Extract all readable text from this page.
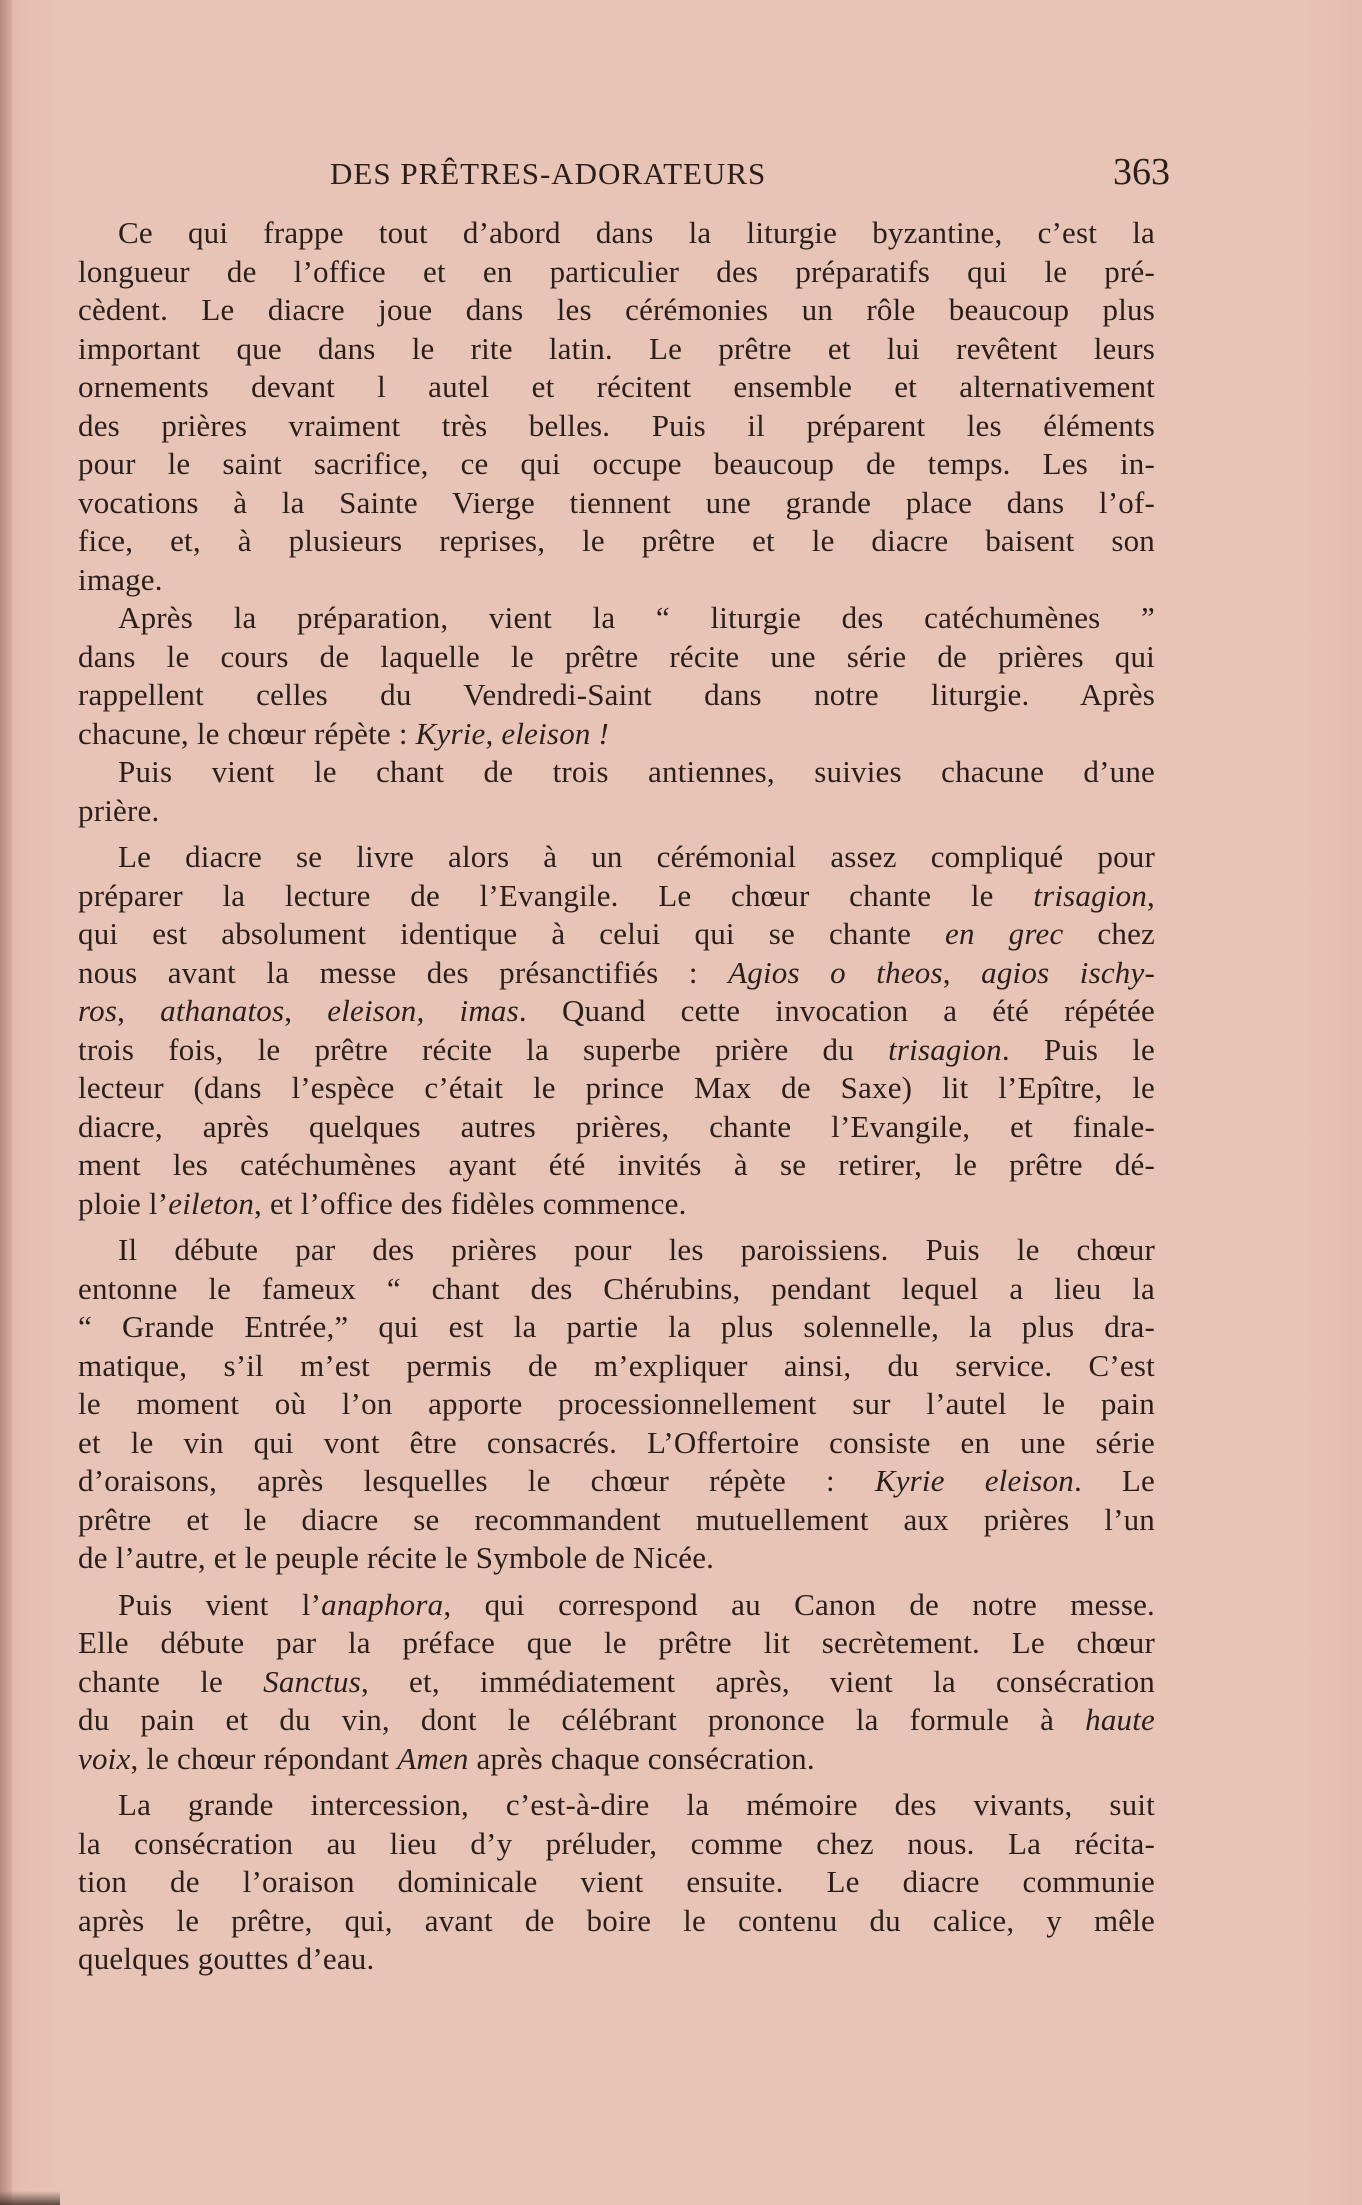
DES PRÊTRES-ADORATEURS	363
Ce qui frappe tout d’abord dans la liturgie byzantine, c’est la
longueur de l’office et en particulier des préparatifs qui le pré-
cèdent. Le diacre joue dans les cérémonies un rôle beaucoup plus
important que dans le rite latin. Le prêtre et lui revêtent leurs
ornements devant l autel et récitent ensemble et alternativement
des prières vraiment très belles. Puis il préparent les éléments
pour le saint sacrifice, ce qui occupe beaucoup de temps. Les in-
vocations à la Sainte Vierge tiennent une grande place dans l’of-
fice, et, à plusieurs reprises, le prêtre et le diacre baisent son
image.
Après la préparation, vient la “ liturgie des catéchumènes ”
dans le cours de laquelle le prêtre récite une série de prières qui
rappellent celles du Vendredi-Saint dans notre liturgie. Après
chacune, le chœur répète : Kyrie, eleison !
Puis vient le chant de trois antiennes, suivies chacune d’une
prière.
Le diacre se livre alors à un cérémonial assez compliqué pour
préparer la lecture de l’Evangile. Le chœur chante le trisagion,
qui est absolument identique à celui qui se chante en grec chez
nous avant la messe des présanctifiés : Agios o theos, agios ischy-
ros, athanatos, eleison, imas. Quand cette invocation a été répétée
trois fois, le prêtre récite la superbe prière du trisagion. Puis le
lecteur (dans l’espèce c’était le prince Max de Saxe) lit l’Epître, le
diacre, après quelques autres prières, chante l’Evangile, et finale-
ment les catéchumènes ayant été invités à se retirer, le prêtre dé-
ploie l’eileton, et l’office des fidèles commence.
Il débute par des prières pour les paroissiens. Puis le chœur
entonne le fameux “ chant des Chérubins, pendant lequel a lieu la
“ Grande Entrée,” qui est la partie la plus solennelle, la plus dra-
matique, s’il m’est permis de m’expliquer ainsi, du service. C’est
le moment où l’on apporte processionnellement sur l’autel le pain
et le vin qui vont être consacrés. L’Offertoire consiste en une série
d’oraisons, après lesquelles le chœur répète : Kyrie eleison. Le
prêtre et le diacre se recommandent mutuellement aux prières l’un
de l’autre, et le peuple récite le Symbole de Nicée.
Puis vient l’anaphora, qui correspond au Canon de notre messe.
Elle débute par la préface que le prêtre lit secrètement. Le chœur
chante le Sanctus, et, immédiatement après, vient la consécration
du pain et du vin, dont le célébrant prononce la formule à haute
voix, le chœur répondant Amen après chaque consécration.
La grande intercession, c’est-à-dire la mémoire des vivants, suit
la consécration au lieu d’y préluder, comme chez nous. La récita-
tion de l’oraison dominicale vient ensuite. Le diacre communie
après le prêtre, qui, avant de boire le contenu du calice, y mêle
quelques gouttes d’eau.
